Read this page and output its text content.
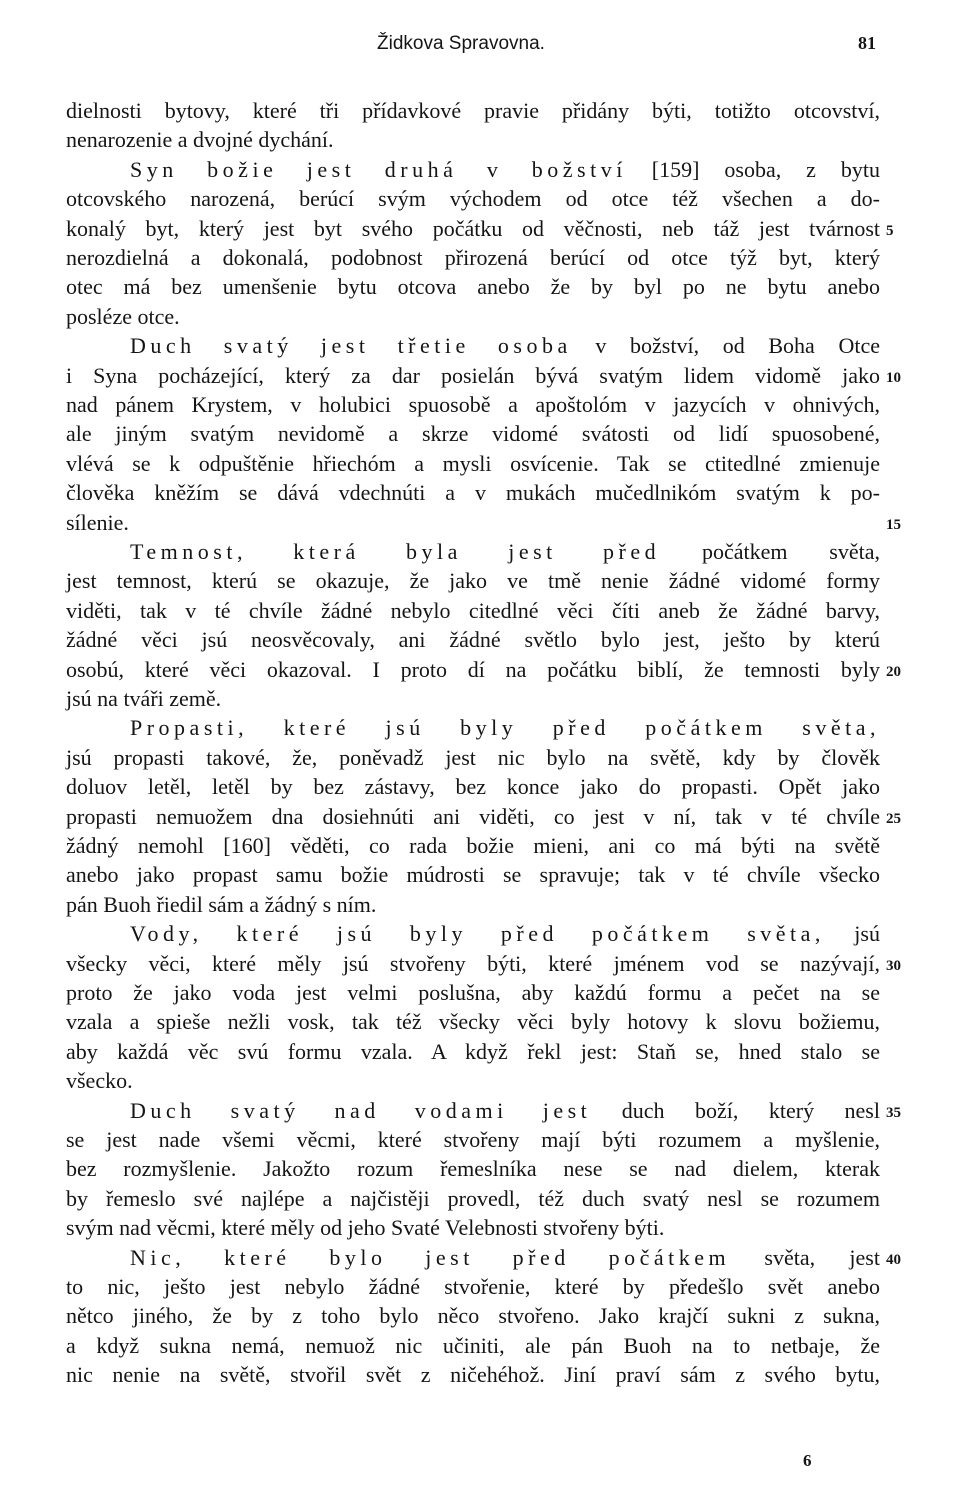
Židkova Spravovna.	81
dielnosti bytovy, které tři přídavkové pravie přidány býti, totižto otcovství,
nenarozenie a dvojné dychání.
Syn božie jest druhá v božství [159] osoba, z bytu
otcovského narozená, berúcí svým východem od otce též všechen a do-
konalý byt, který jest byt svého počátku od věčnosti, neb táž jest tvárnost
nerozdielná a dokonalá, podobnost přirozená berúcí od otce týž byt, který
otec má bez umenšenie bytu otcova anebo že by byl po ne bytu anebo
posléze otce.
Duch svatý jest třetie osoba v božství, od Boha Otce
i Syna pocházející, který za dar posielán bývá svatým lidem vidomě jako
nad pánem Krystem, v holubici spuosobě a apoštolóm v jazycích v ohnivých,
ale jiným svatým nevidomě a skrze vidomé svátosti od lidí spuosobené,
vlévá se k odpuštěnie hřiechóm a mysli osvícenie. Tak se ctitedlné zmienuje
člověka kněžím se dává vdechnúti a v mukách mučedlnikóm svatým k po-
sílenie.
Temnost, která byla jest před počátkem světa,
jest temnost, kterú se okazuje, že jako ve tmě nenie žádné vidomé formy
viděti, tak v té chvíle žádné nebylo citedlné věci číti aneb že žádné barvy,
žádné věci jsú neosvěcovaly, ani žádné světlo bylo jest, ješto by kterú
osobú, které věci okazoval. I proto dí na počátku biblí, že temnosti byly
jsú na tváři země.
Propasti, které jsú byly před počátkem světa,
jsú propasti takové, že, poněvadž jest nic bylo na světě, kdy by člověk
doluov letěl, letěl by bez zástavy, bez konce jako do propasti. Opět jako
propasti nemuožem dna dosiehnúti ani viděti, co jest v ní, tak v té chvíle
žádný nemohl [160] věděti, co rada božie mieni, ani co má býti na světě
anebo jako propast samu božie múdrosti se spravuje; tak v té chvíle všecko
pán Buoh řiedil sám a žádný s ním.
Vody, které jsú byly před počátkem světa, jsú
všecky věci, které měly jsú stvořeny býti, které jménem vod se nazývají,
proto že jako voda jest velmi poslušna, aby každú formu a pečet na se
vzala a spieše nežli vosk, tak též všecky věci byly hotovy k slovu božiemu,
aby každá věc svú formu vzala. A když řekl jest: Staň se, hned stalo se
všecko.
Duch svatý nad vodami jest duch boží, který nesl
se jest nade všemi věcmi, které stvořeny mají býti rozumem a myšlenie,
bez rozmyšlenie. Jakožto rozum řemeslníka nese se nad dielem, kterak
by řemeslo své najlépe a najčistěji provedl, též duch svatý nesl se rozumem
svým nad věcmi, které měly od jeho Svaté Velebnosti stvořeny býti.
Nic, které bylo jest před počátkem světa, jest
to nic, ješto jest nebylo žádné stvořenie, které by předešlo svět anebo
nětco jiného, že by z toho bylo něco stvořeno. Jako krajčí sukni z sukna,
a když sukna nemá, nemuož nic učiniti, ale pán Buoh na to netbaje, že
nic nenie na světě, stvořil svět z ničehéhož. Jiní praví sám z svého bytu,
5
10
15
20
25
30
35
40
6
